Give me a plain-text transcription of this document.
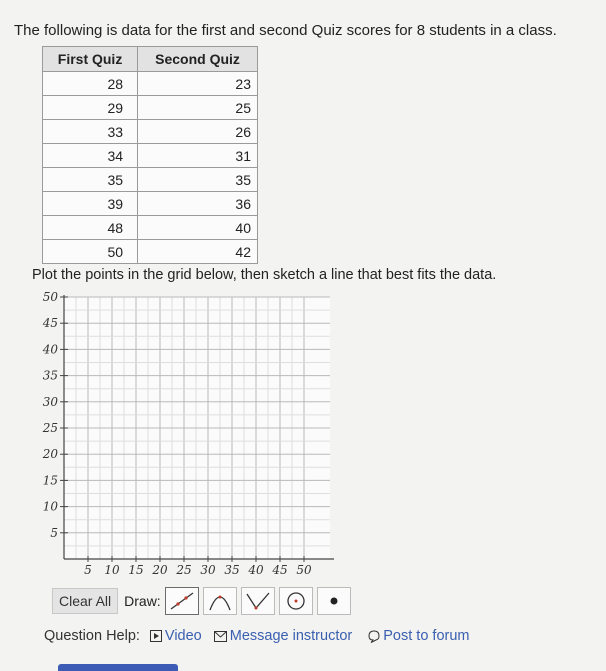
The following is data for the first and second Quiz scores for 8 students in a class.
First Quiz	Second Quiz
28	23
29	25
33	26
34	31
35	35
39	36
48	40
50	42
Plot the points in the grid below, then sketch a line that best fits the data.
5 10 15 20 25 30 35 40 45 50
50
45
40
35
30
25
20
15
10
5
Clear All Draw:
Question Help: Video Message instructor Post to forum
